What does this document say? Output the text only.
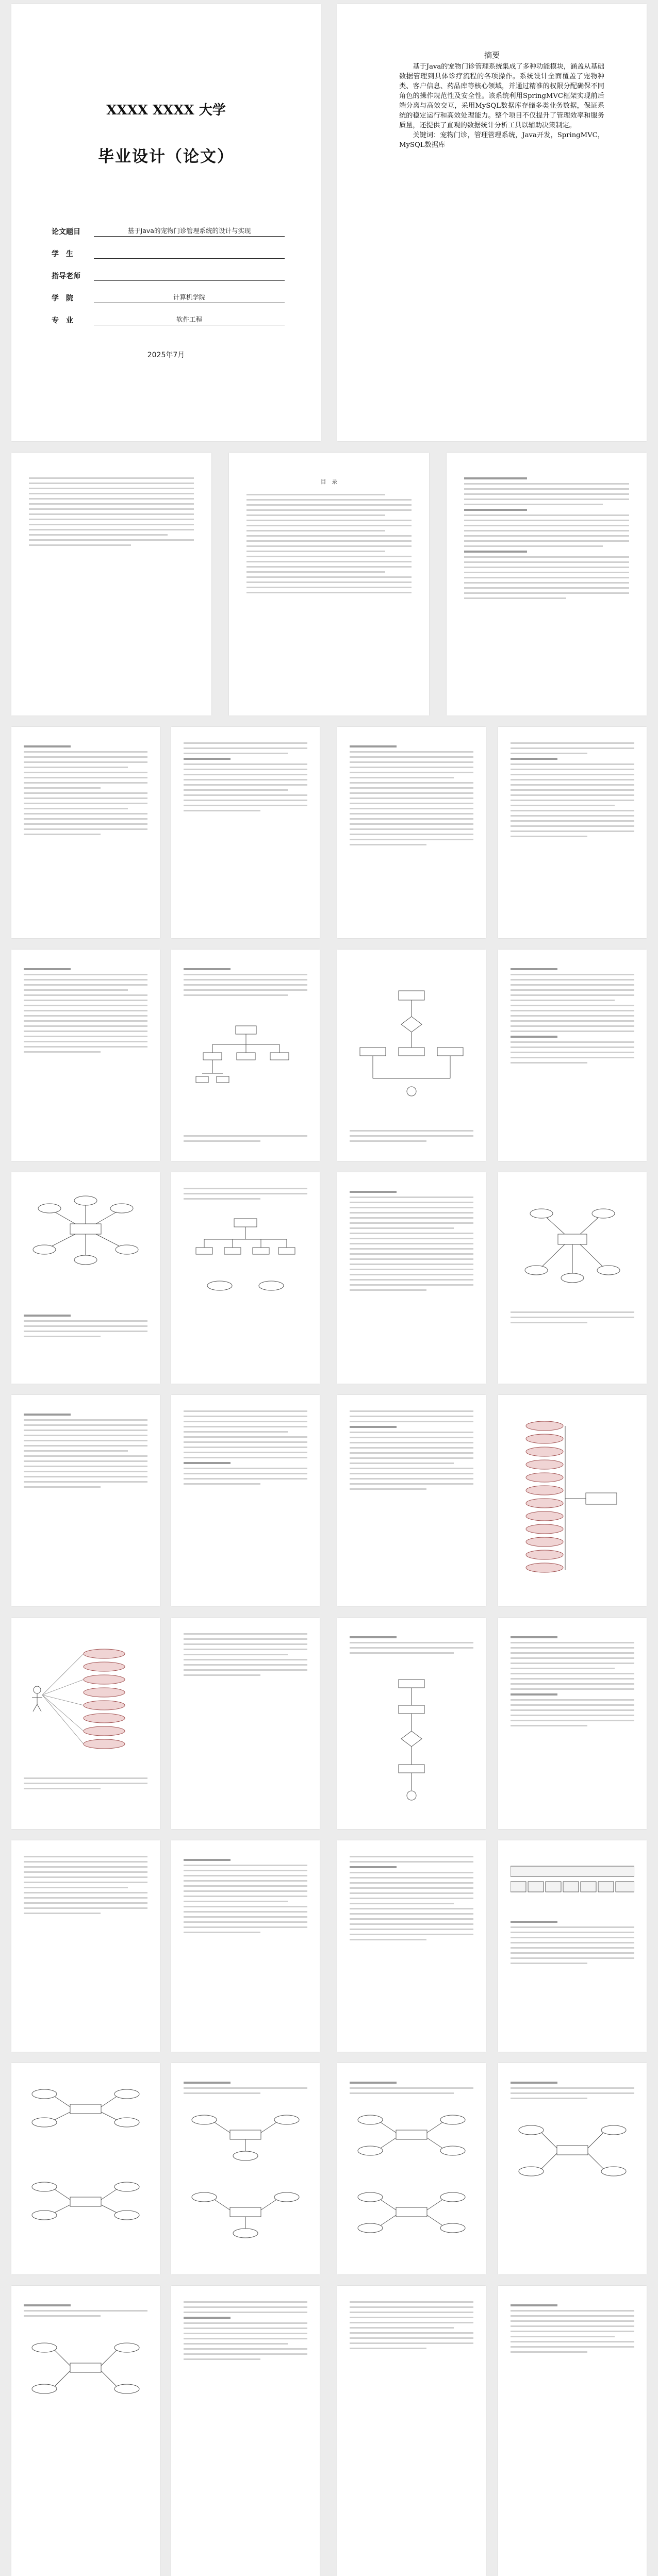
XXXX XXXX 大学
毕业设计（论文）
论文题目	基于Java的宠物门诊管理系统的设计与实现
学　生
指导老师
学　院	计算机学院
专　业	软件工程
2025年7月
摘要

基于Java的宠物门诊管理系统集成了多种功能模块，涵盖从基础数据管理到具体诊疗流程的各项操作。系统设计全面覆盖了宠物种类、客户信息、药品库等核心领域，并通过精准的权限分配确保不同角色的操作规范性及安全性。该系统利用SpringMVC框架实现前后端分离与高效交互，采用MySQL数据库存储多类业务数据，保证系统的稳定运行和高效处理能力。整个项目不仅提升了管理效率和服务质量，还提供了直观的数据统计分析工具以辅助决策制定。

关键词：宠物门诊，管理管理系统，Java开发，SpringMVC，MySQL数据库

目　录
